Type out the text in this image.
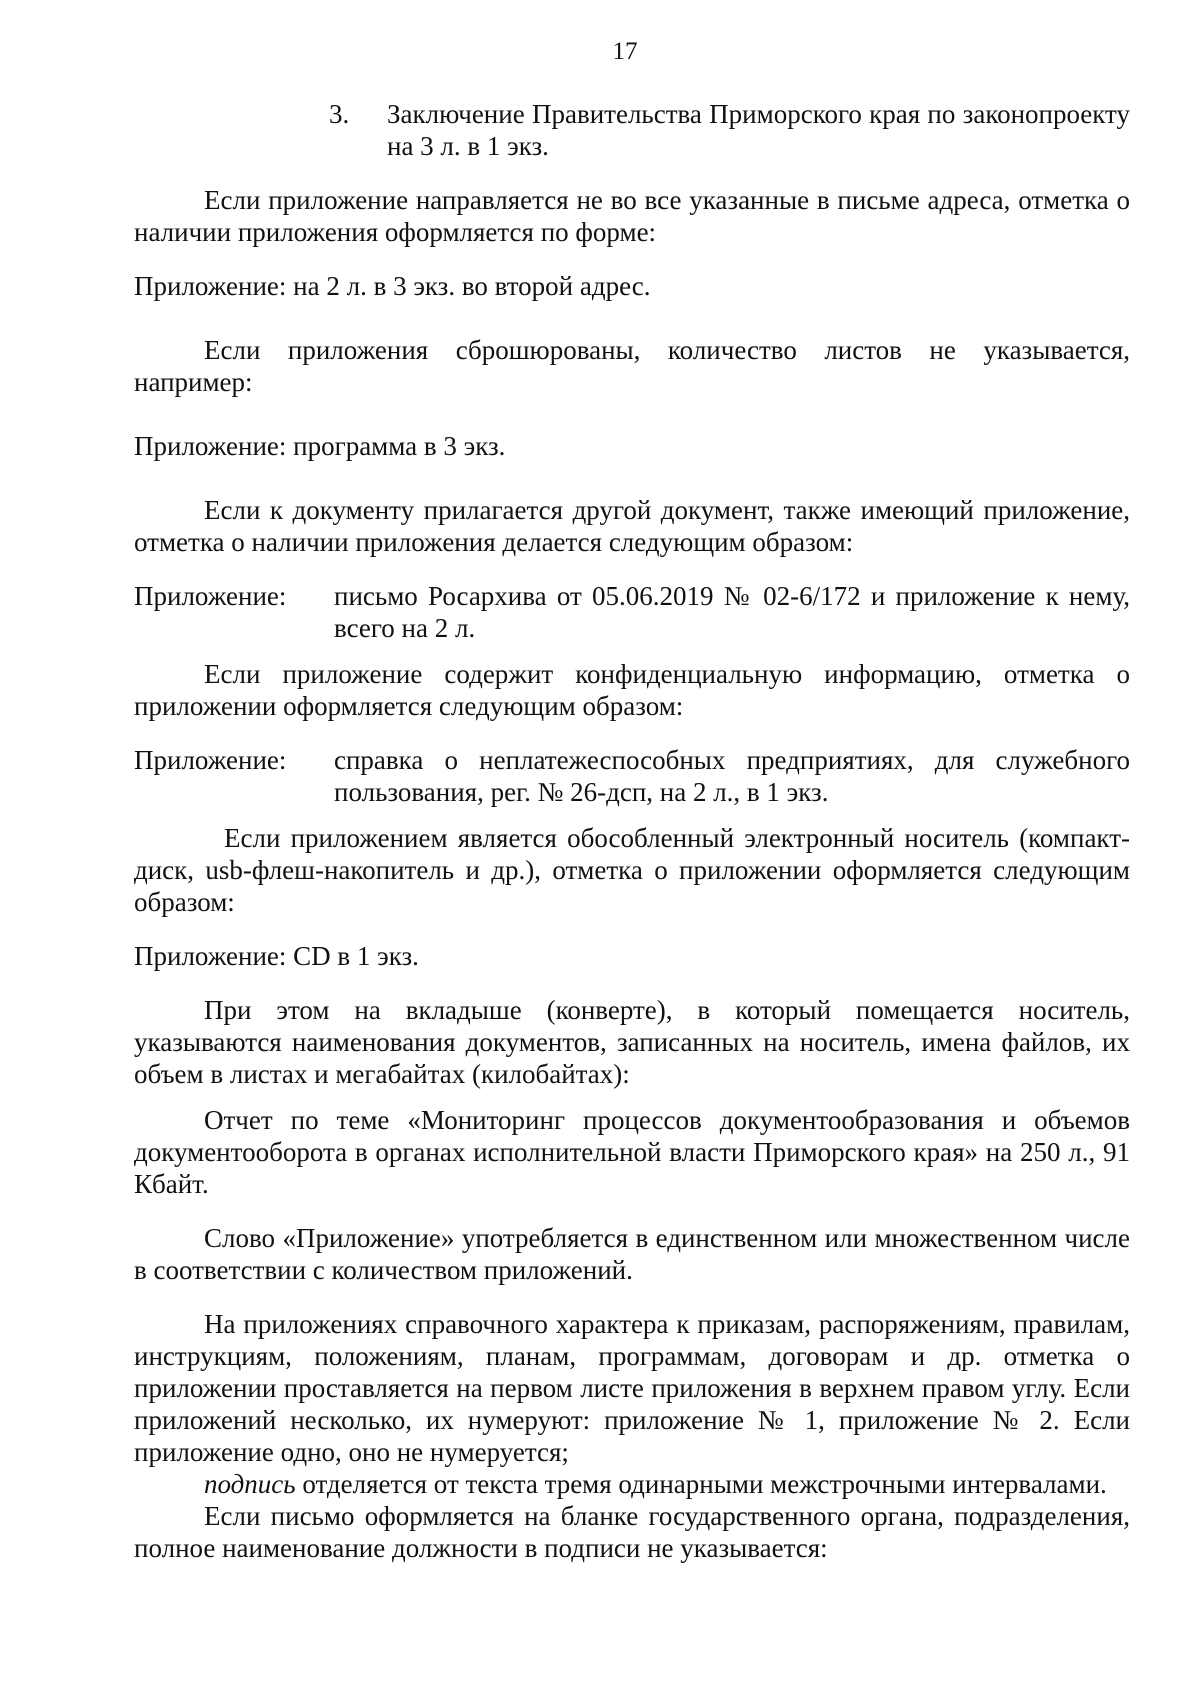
17
3.	Заключение Правительства Приморского края по законопроекту на 3 л. в 1 экз.

Если приложение направляется не во все указанные в письме адреса, отметка о наличии приложения оформляется по форме:

Приложение: на 2 л. в 3 экз. во второй адрес.

Если приложения сброшюрованы, количество листов не указывается, например:

Приложение: программа в 3 экз.

Если к документу прилагается другой документ, также имеющий приложение, отметка о наличии приложения делается следующим образом:

Приложение:	письмо Росархива от 05.06.2019 № 02-6/172 и приложение к нему, всего на 2 л.

Если приложение содержит конфиденциальную информацию, отметка о приложении оформляется следующим образом:

Приложение:	справка о неплатежеспособных предприятиях, для служебного пользования, рег. № 26-дсп, на 2 л., в 1 экз.

Если приложением является обособленный электронный носитель (компакт-диск, usb-флеш-накопитель и др.), отметка о приложении оформляется следующим образом:

Приложение: CD в 1 экз.

При этом на вкладыше (конверте), в который помещается носитель, указываются наименования документов, записанных на носитель, имена файлов, их объем в листах и мегабайтах (килобайтах):

Отчет по теме «Мониторинг процессов документообразования и объемов документооборота в органах исполнительной власти Приморского края» на 250 л., 91 Кбайт.

Слово «Приложение» употребляется в единственном или множественном числе в соответствии с количеством приложений.

На приложениях справочного характера к приказам, распоряжениям, правилам, инструкциям, положениям, планам, программам, договорам и др. отметка о приложении проставляется на первом листе приложения в верхнем правом углу. Если приложений несколько, их нумеруют: приложение № 1, приложение № 2. Если приложение одно, оно не нумеруется;

подпись отделяется от текста тремя одинарными межстрочными интервалами.

Если письмо оформляется на бланке государственного органа, подразделения, полное наименование должности в подписи не указывается:
